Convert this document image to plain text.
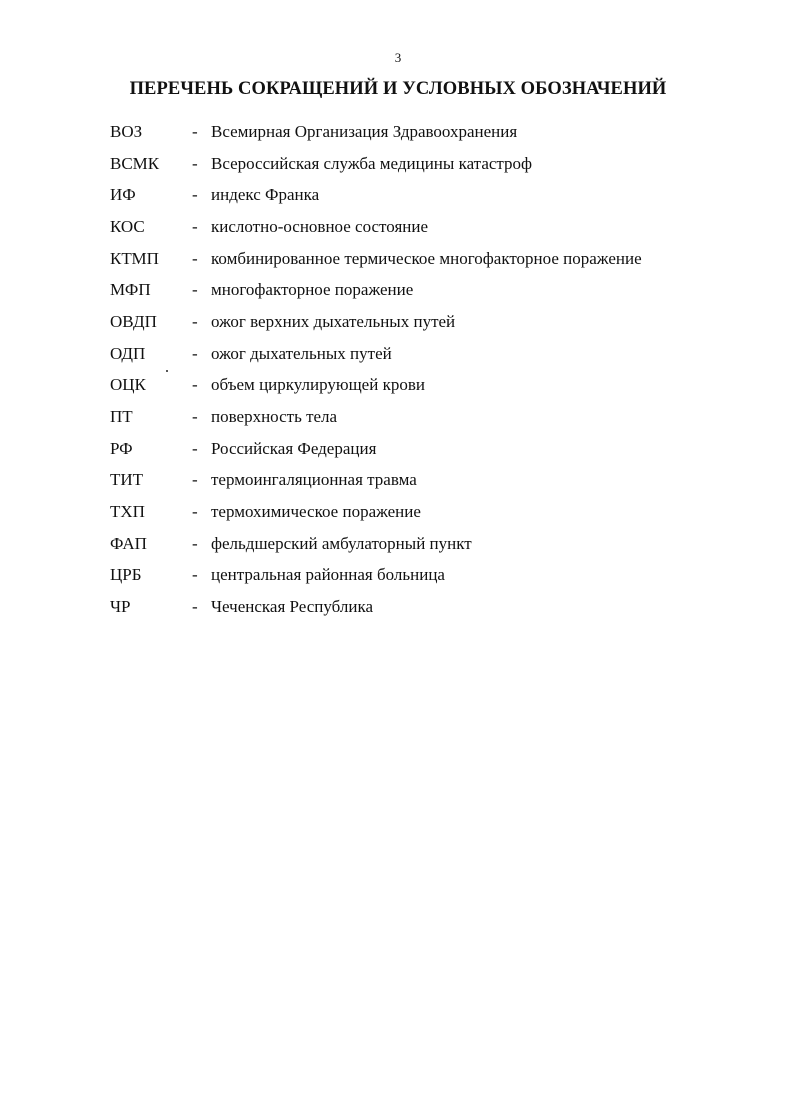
3
ПЕРЕЧЕНЬ СОКРАЩЕНИЙ И УСЛОВНЫХ ОБОЗНАЧЕНИЙ
ВОЗ	- Всемирная Организация Здравоохранения
ВСМК	- Всероссийская служба медицины катастроф
ИФ	- индекс Франка
КОС	- кислотно-основное состояние
КТМП	- комбинированное термическое многофакторное поражение
МФП	- многофакторное поражение
ОВДП	- ожог верхних дыхательных путей
ОДП	- ожог дыхательных путей
ОЦК	- объем циркулирующей крови
ПТ	- поверхность тела
РФ	- Российская Федерация
ТИТ	- термоингаляционная травма
ТХП	- термохимическое поражение
ФАП	- фельдшерский амбулаторный пункт
ЦРБ	- центральная районная больница
ЧР	- Чеченская Республика
